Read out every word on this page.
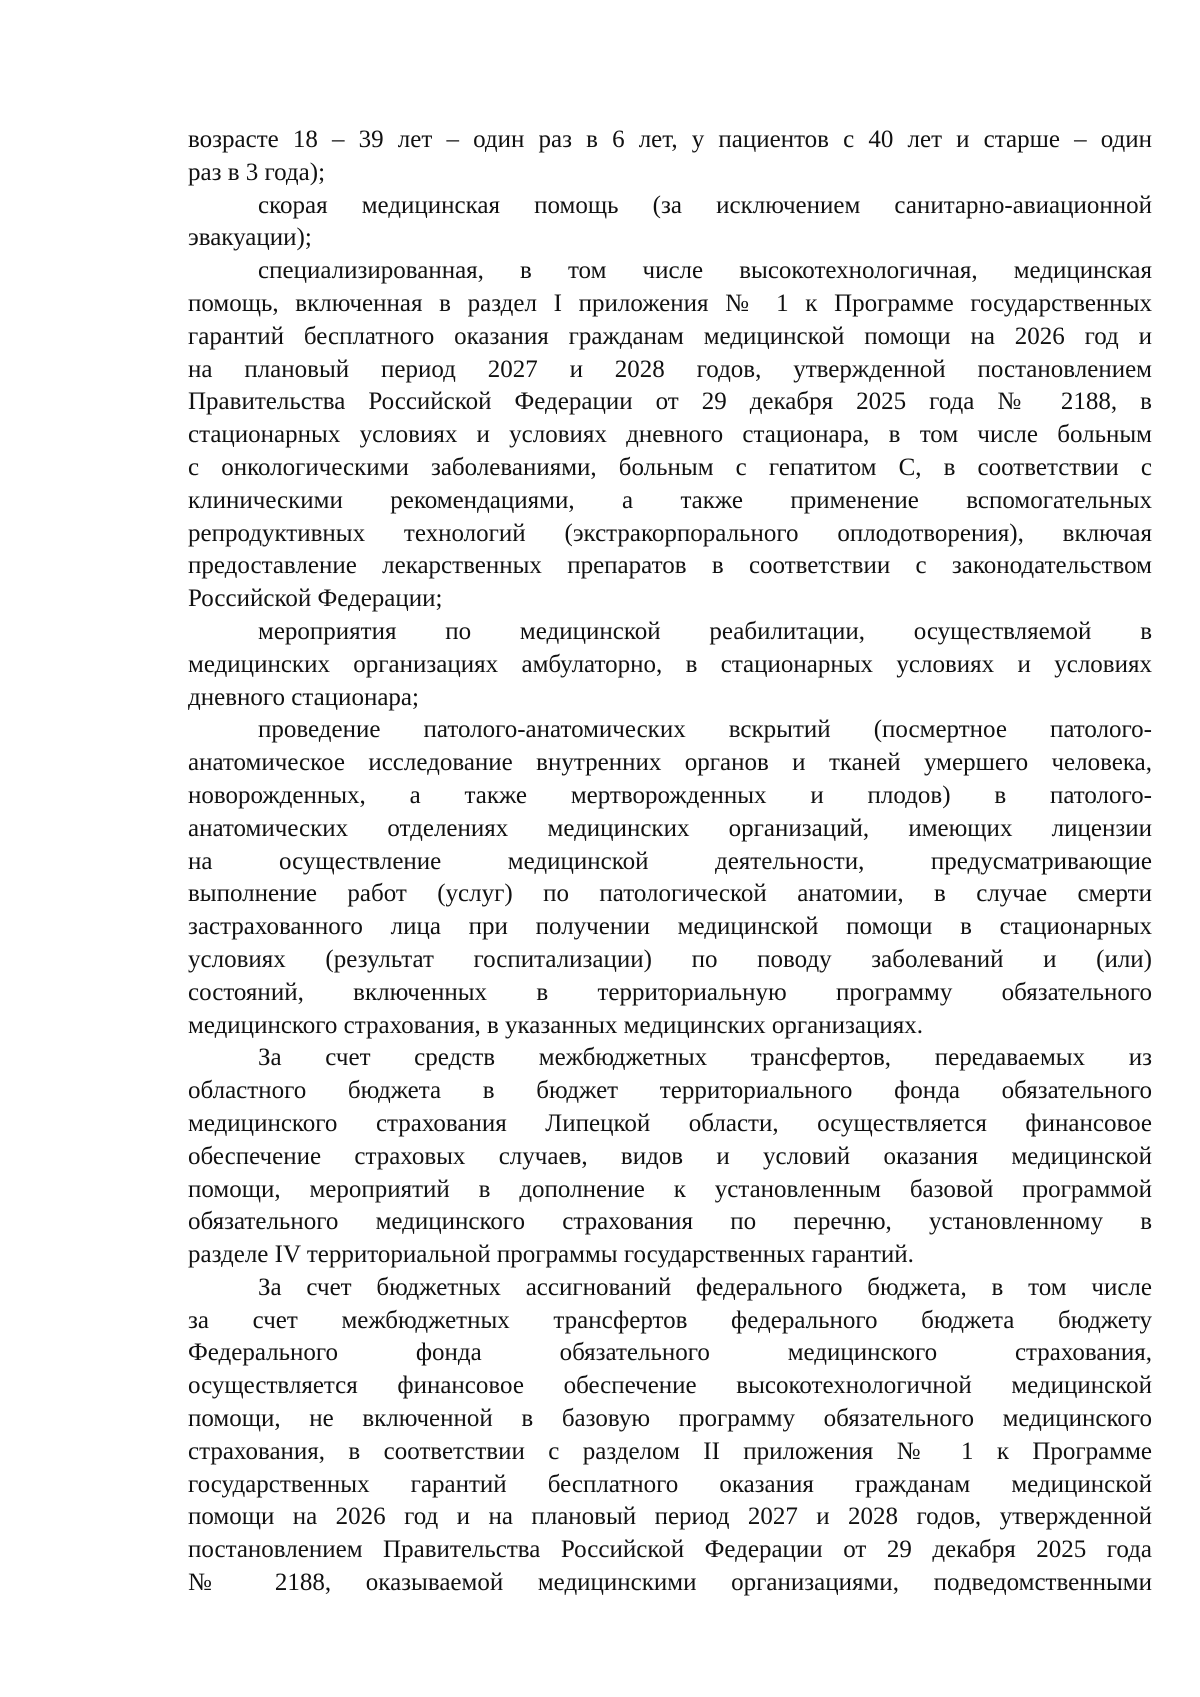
возрасте 18 – 39 лет – один раз в 6 лет, у пациентов с 40 лет и старше – один
раз в 3 года);
скорая медицинская помощь (за исключением санитарно-авиационной
эвакуации);
специализированная, в том числе высокотехнологичная, медицинская
помощь, включенная в раздел I приложения № 1 к Программе государственных
гарантий бесплатного оказания гражданам медицинской помощи на 2026 год и
на плановый период 2027 и 2028 годов, утвержденной постановлением
Правительства Российской Федерации от 29 декабря 2025 года № 2188, в
стационарных условиях и условиях дневного стационара, в том числе больным
с онкологическими заболеваниями, больным с гепатитом С, в соответствии с
клиническими рекомендациями, а также применение вспомогательных
репродуктивных технологий (экстракорпорального оплодотворения), включая
предоставление лекарственных препаратов в соответствии с законодательством
Российской Федерации;
мероприятия по медицинской реабилитации, осуществляемой в
медицинских организациях амбулаторно, в стационарных условиях и условиях
дневного стационара;
проведение патолого-анатомических вскрытий (посмертное патолого-
анатомическое исследование внутренних органов и тканей умершего человека,
новорожденных, а также мертворожденных и плодов) в патолого-
анатомических отделениях медицинских организаций, имеющих лицензии
на осуществление медицинской деятельности, предусматривающие
выполнение работ (услуг) по патологической анатомии, в случае смерти
застрахованного лица при получении медицинской помощи в стационарных
условиях (результат госпитализации) по поводу заболеваний и (или)
состояний, включенных в территориальную программу обязательного
медицинского страхования, в указанных медицинских организациях.
За счет средств межбюджетных трансфертов, передаваемых из
областного бюджета в бюджет территориального фонда обязательного
медицинского страхования Липецкой области, осуществляется финансовое
обеспечение страховых случаев, видов и условий оказания медицинской
помощи, мероприятий в дополнение к установленным базовой программой
обязательного медицинского страхования по перечню, установленному в
разделе IV территориальной программы государственных гарантий.
За счет бюджетных ассигнований федерального бюджета, в том числе
за счет межбюджетных трансфертов федерального бюджета бюджету
Федерального фонда обязательного медицинского страхования,
осуществляется финансовое обеспечение высокотехнологичной медицинской
помощи, не включенной в базовую программу обязательного медицинского
страхования, в соответствии с разделом II приложения № 1 к Программе
государственных гарантий бесплатного оказания гражданам медицинской
помощи на 2026 год и на плановый период 2027 и 2028 годов, утвержденной
постановлением Правительства Российской Федерации от 29 декабря 2025 года
№ 2188, оказываемой медицинскими организациями, подведомственными
